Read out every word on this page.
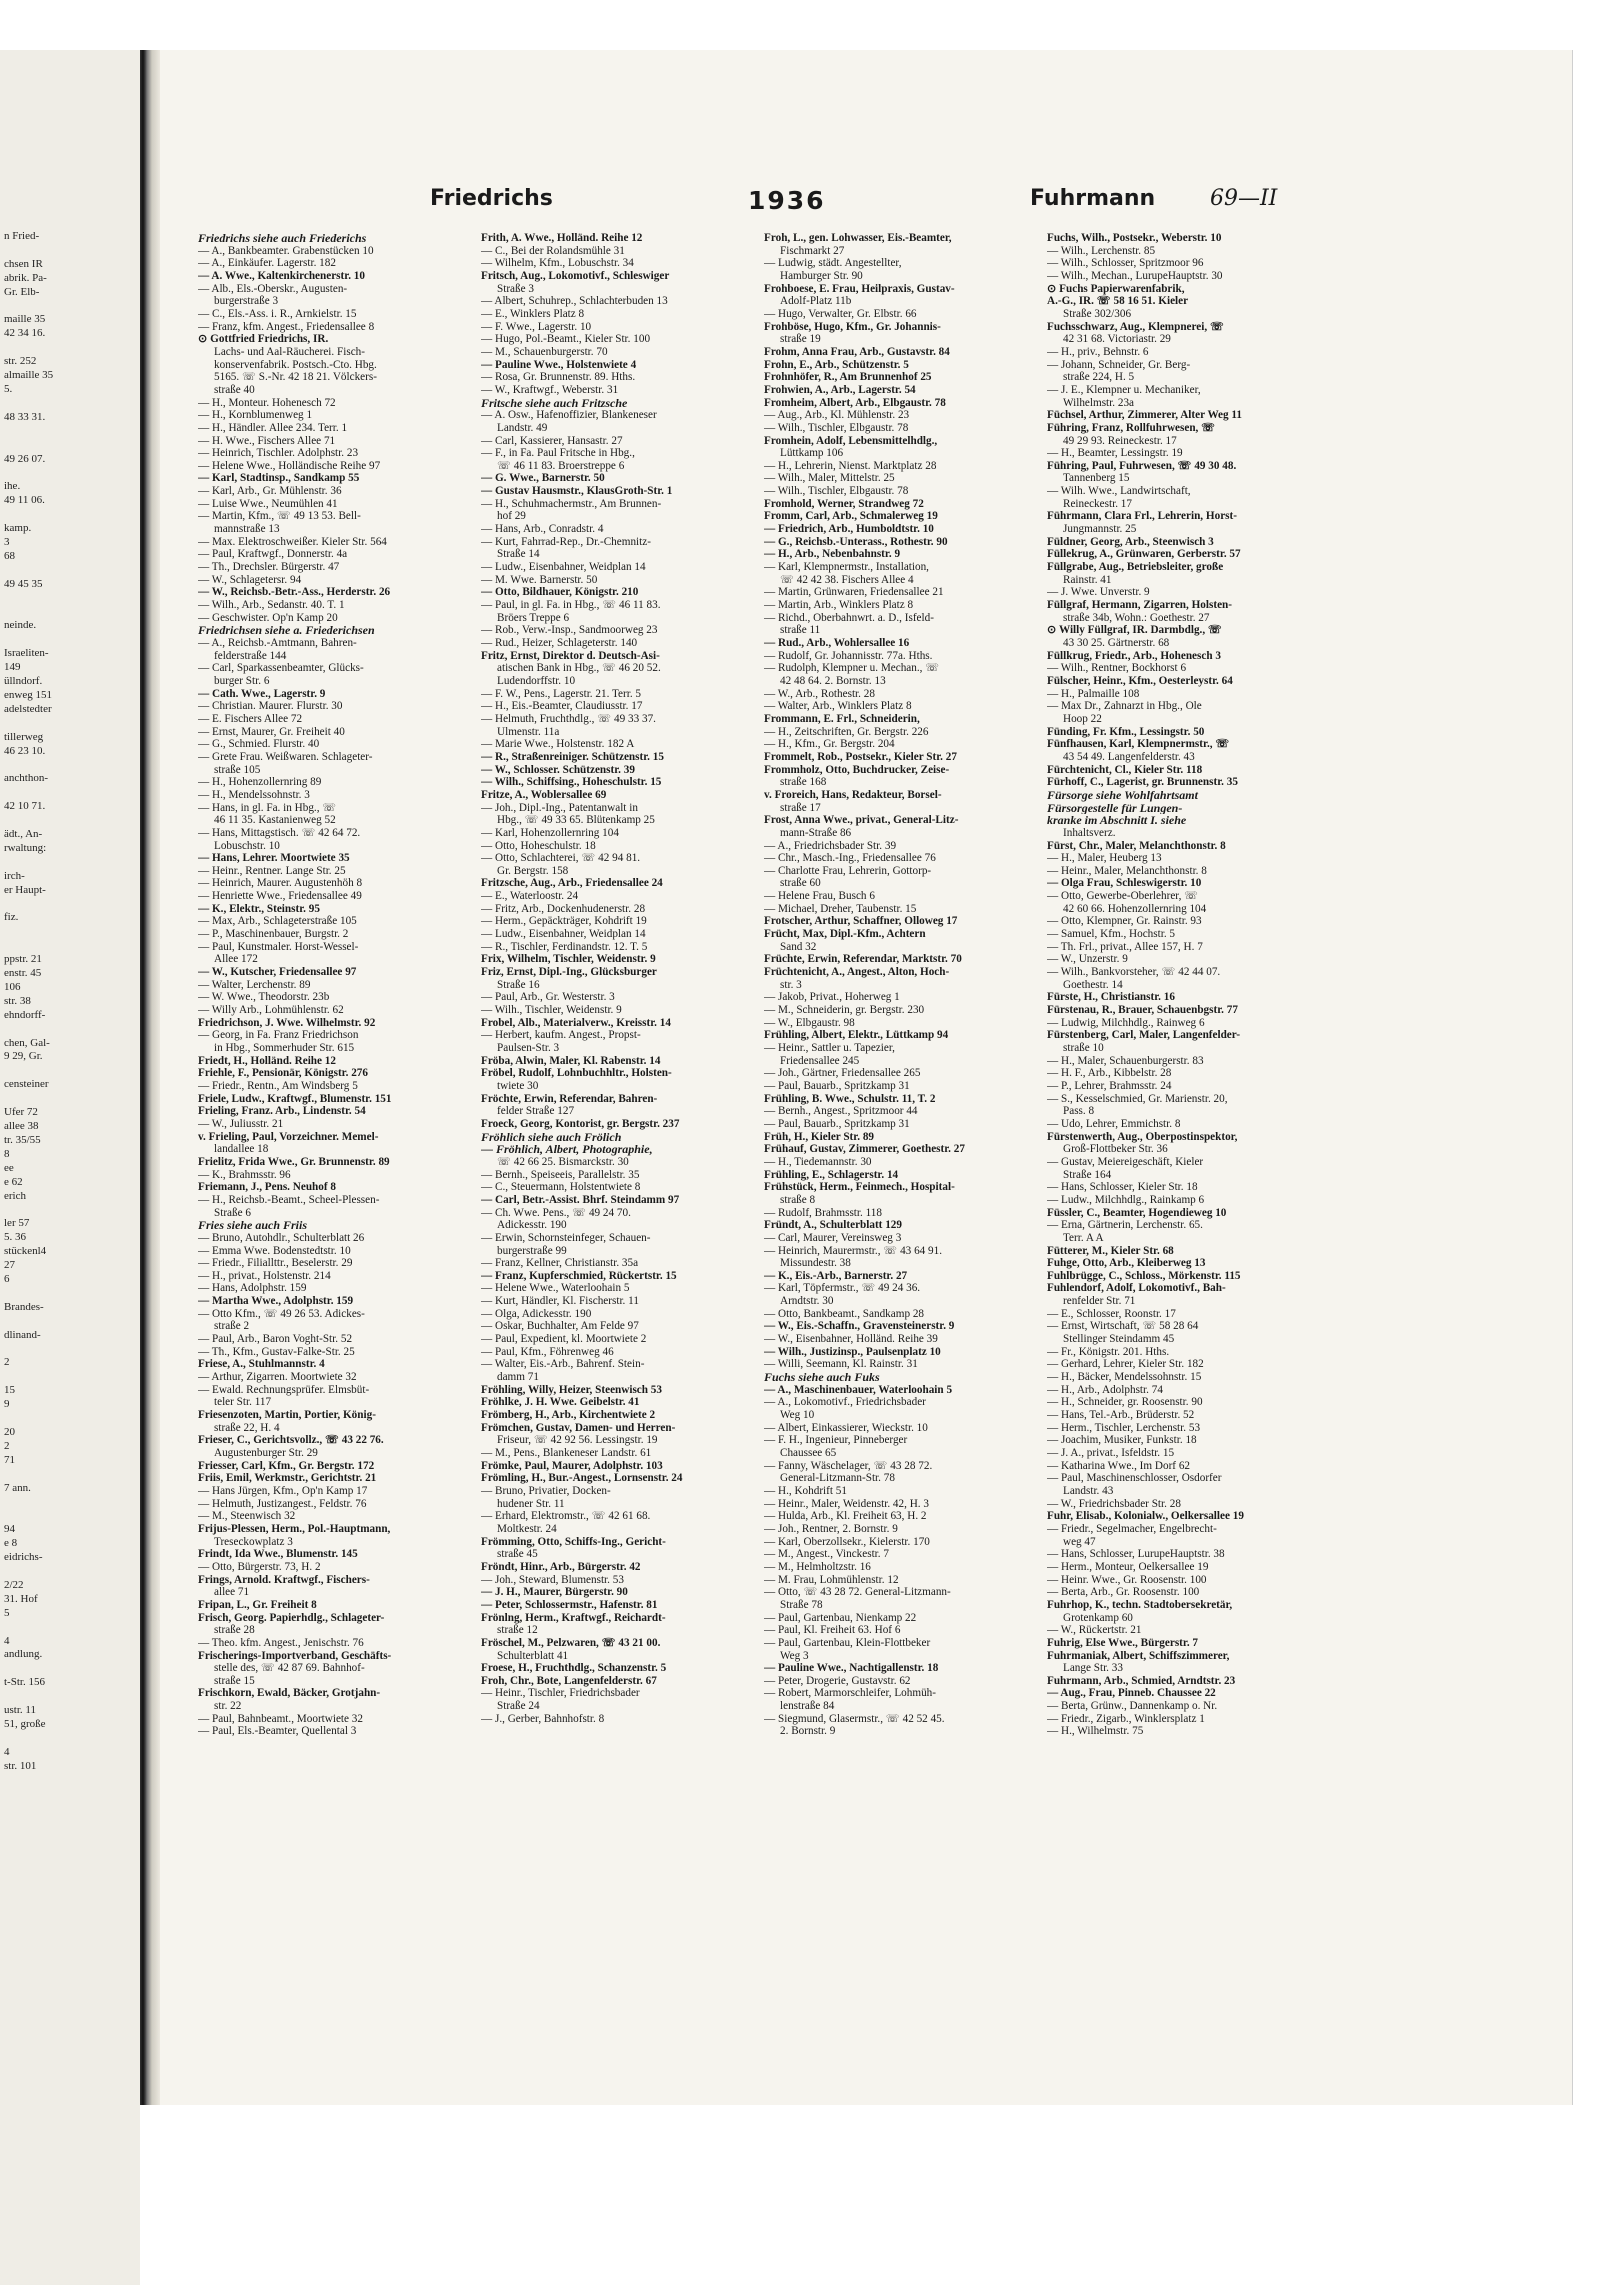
n Fried-

chsen IR
abrik. Pa-
Gr. Elb-

maille 35
42 34 16.

str. 252
almaille 35
5.

48 33 31.

49 26 07.

ihe.
49 11 06.

kamp.
3
68

49 45 35

neinde.

Israeliten-
149
üllndorf.
enweg 151
adelstedter

tillerweg
46 23 10.

anchthon-

42 10 71.

ädt., An-
rwaltung:

irch-
er Haupt-

fiz.

ppstr. 21
enstr. 45
106
str. 38
ehndorff-

chen, Gal-
9 29, Gr.

censteiner

Ufer 72
allee 38
tr. 35/55
8
ee
e 62
erich

ler 57
5. 36
stückenl4
27
6

Brandes-

dlinand-

2

15
9

20
2
71

7 ann.

94
e 8
eidrichs-

2/22
31. Hof
5

4
andlung.

t-Str. 156

ustr. 11
51, große

4
str. 101
Friedrichs	1936	Fuhrmann 69—II
Friedrichs siehe auch Friederichs
— A., Bankbeamter. Grabenstücken 10
— A., Einkäufer. Lagerstr. 182
— A. Wwe., Kaltenkirchenerstr. 10
— Alb., Els.-Oberskr., Augusten-
burgerstraße 3
— C., Els.-Ass. i. R., Arnkielstr. 15
— Franz, kfm. Angest., Friedensallee 8
⊙ Gottfried Friedrichs, IR.
Lachs- und Aal-Räucherei. Fisch-
konservenfabrik. Postsch.-Cto. Hbg.
5165. ☏ S.-Nr. 42 18 21. Völckers-
straße 40
— H., Monteur. Hohenesch 72
— H., Kornblumenweg 1
— H., Händler. Allee 234. Terr. 1
— H. Wwe., Fischers Allee 71
— Heinrich, Tischler. Adolphstr. 23
— Helene Wwe., Holländische Reihe 97
— Karl, Stadtinsp., Sandkamp 55
— Karl, Arb., Gr. Mühlenstr. 36
— Luise Wwe., Neumühlen 41
— Martin, Kfm., ☏ 49 13 53. Bell-
mannstraße 13
— Max. Elektroschweißer. Kieler Str. 564
— Paul, Kraftwgf., Donnerstr. 4a
— Th., Drechsler. Bürgerstr. 47
— W., Schlagetersr. 94
— W., Reichsb.-Betr.-Ass., Herderstr. 26
— Wilh., Arb., Sedanstr. 40. T. 1
— Geschwister. Op'n Kamp 20
Friedrichsen siehe a. Friederichsen
— A., Reichsb.-Amtmann, Bahren-
felderstraße 144
— Carl, Sparkassenbeamter, Glücks-
burger Str. 6
— Cath. Wwe., Lagerstr. 9
— Christian. Maurer. Flurstr. 30
— E. Fischers Allee 72
— Ernst, Maurer, Gr. Freiheit 40
— G., Schmied. Flurstr. 40
— Grete Frau. Weißwaren. Schlageter-
straße 105
— H., Hohenzollernring 89
— H., Mendelssohnstr. 3
— Hans, in gl. Fa. in Hbg., ☏
46 11 35. Kastanienweg 52
— Hans, Mittagstisch. ☏ 42 64 72.
Lobuschstr. 10
— Hans, Lehrer. Moortwiete 35
— Heinr., Rentner. Lange Str. 25
— Heinrich, Maurer. Augustenhöh 8
— Henriette Wwe., Friedensallee 49
— K., Elektr., Steinstr. 95
— Max, Arb., Schlageterstraße 105
— P., Maschinenbauer, Burgstr. 2
— Paul, Kunstmaler. Horst-Wessel-
Allee 172
— W., Kutscher, Friedensallee 97
— Walter, Lerchenstr. 89
— W. Wwe., Theodorstr. 23b
— Willy Arb., Lohmühlenstr. 62
Friedrichson, J. Wwe. Wilhelmstr. 92
— Georg, in Fa. Franz Friedrichson
in Hbg., Sommerhuder Str. 615
Friedt, H., Holländ. Reihe 12
Friehle, F., Pensionär, Königstr. 276
— Friedr., Rentn., Am Windsberg 5
Friele, Ludw., Kraftwgf., Blumenstr. 151
Frieling, Franz. Arb., Lindenstr. 54
— W., Juliusstr. 21
v. Frieling, Paul, Vorzeichner. Memel-
landallee 18
Frielitz, Frida Wwe., Gr. Brunnenstr. 89
— K., Brahmsstr. 96
Friemann, J., Pens. Neuhof 8
— H., Reichsb.-Beamt., Scheel-Plessen-
Straße 6
Fries siehe auch Friis
— Bruno, Autohdlr., Schulterblatt 26
— Emma Wwe. Bodenstedtstr. 10
— Friedr., Filiallttr., Beselerstr. 29
— H., privat., Holstenstr. 214
— Hans, Adolphstr. 159
— Martha Wwe., Adolphstr. 159
— Otto Kfm., ☏ 49 26 53. Adickes-
straße 2
— Paul, Arb., Baron Voght-Str. 52
— Th., Kfm., Gustav-Falke-Str. 25
Friese, A., Stuhlmannstr. 4
— Arthur, Zigarren. Moortwiete 32
— Ewald. Rechnungsprüfer. Elmsbüt-
teler Str. 117
Friesenzoten, Martin, Portier, König-
straße 22, H. 4
Frieser, C., Gerichtsvollz., ☏ 43 22 76.
Augustenburger Str. 29
Friesser, Carl, Kfm., Gr. Bergstr. 172
Friis, Emil, Werkmstr., Gerichtstr. 21
— Hans Jürgen, Kfm., Op'n Kamp 17
— Helmuth, Justizangest., Feldstr. 76
— M., Steenwisch 32
Frijus-Plessen, Herm., Pol.-Hauptmann,
Treseckowplatz 3
Frindt, Ida Wwe., Blumenstr. 145
— Otto, Bürgerstr. 73, H. 2
Frings, Arnold. Kraftwgf., Fischers-
allee 71
Fripan, L., Gr. Freiheit 8
Frisch, Georg. Papierhdlg., Schlageter-
straße 28
— Theo. kfm. Angest., Jenischstr. 76
Frischerings-Importverband, Geschäfts-
stelle des, ☏ 42 87 69. Bahnhof-
straße 15
Frischkorn, Ewald, Bäcker, Grotjahn-
str. 22
— Paul, Bahnbeamt., Moortwiete 32
— Paul, Els.-Beamter, Quellental 3
Frith, A. Wwe., Holländ. Reihe 12
— C., Bei der Rolandsmühle 31
— Wilhelm, Kfm., Lobuschstr. 34
Fritsch, Aug., Lokomotivf., Schleswiger
Straße 3
— Albert, Schuhrep., Schlachterbuden 13
— E., Winklers Platz 8
— F. Wwe., Lagerstr. 10
— Hugo, Pol.-Beamt., Kieler Str. 100
— M., Schauenburgerstr. 70
— Pauline Wwe., Holstenwiete 4
— Rosa, Gr. Brunnenstr. 89. Hths.
— W., Kraftwgf., Weberstr. 31
Fritsche siehe auch Fritzsche
— A. Osw., Hafenoffizier, Blankeneser
Landstr. 49
— Carl, Kassierer, Hansastr. 27
— F., in Fa. Paul Fritsche in Hbg.,
☏ 46 11 83. Broerstreppe 6
— G. Wwe., Barnerstr. 50
— Gustav Hausmstr., KlausGroth-Str. 1
— H., Schuhmachermstr., Am Brunnen-
hof 29
— Hans, Arb., Conradstr. 4
— Kurt, Fahrrad-Rep., Dr.-Chemnitz-
Straße 14
— Ludw., Eisenbahner, Weidplan 14
— M. Wwe. Barnerstr. 50
— Otto, Bildhauer, Königstr. 210
— Paul, in gl. Fa. in Hbg., ☏ 46 11 83.
Bröers Treppe 6
— Rob., Verw.-Insp., Sandmoorweg 23
— Rud., Heizer, Schlageterstr. 140
Fritz, Ernst, Direktor d. Deutsch-Asi-
atischen Bank in Hbg., ☏ 46 20 52.
Ludendorffstr. 10
— F. W., Pens., Lagerstr. 21. Terr. 5
— H., Eis.-Beamter, Claudiusstr. 17
— Helmuth, Fruchthdlg., ☏ 49 33 37.
Ulmenstr. 11a
— Marie Wwe., Holstenstr. 182 A
— R., Straßenreiniger. Schützenstr. 15
— W., Schlosser. Schützenstr. 39
— Wilh., Schiffsing., Hoheschulstr. 15
Fritze, A., Woblersallee 69
— Joh., Dipl.-Ing., Patentanwalt in
Hbg., ☏ 49 33 65. Blütenkamp 25
— Karl, Hohenzollernring 104
— Otto, Hoheschulstr. 18
— Otto, Schlachterei, ☏ 42 94 81.
Gr. Bergstr. 158
Fritzsche, Aug., Arb., Friedensallee 24
— E., Waterloostr. 24
— Fritz, Arb., Dockenhudenerstr. 28
— Herm., Gepäckträger, Kohdrift 19
— Ludw., Eisenbahner, Weidplan 14
— R., Tischler, Ferdinandstr. 12. T. 5
Frix, Wilhelm, Tischler, Weidenstr. 9
Friz, Ernst, Dipl.-Ing., Glücksburger
Straße 16
— Paul, Arb., Gr. Westerstr. 3
— Wilh., Tischler, Weidenstr. 9
Frobel, Alb., Materialverw., Kreisstr. 14
— Herbert, kaufm. Angest., Propst-
Paulsen-Str. 3
Fröba, Alwin, Maler, Kl. Rabenstr. 14
Fröbel, Rudolf, Lohnbuchhltr., Holsten-
twiete 30
Fröchte, Erwin, Referendar, Bahren-
felder Straße 127
Froeck, Georg, Kontorist, gr. Bergstr. 237
Fröhlich siehe auch Frölich
— Fröhlich, Albert, Photographie,
☏ 42 66 25. Bismarckstr. 30
— Bernh., Speiseeis, Parallelstr. 35
— C., Steuermann, Holstentwiete 8
— Carl, Betr.-Assist. Bhrf. Steindamm 97
— Ch. Wwe. Pens., ☏ 49 24 70.
Adickesstr. 190
— Erwin, Schornsteinfeger, Schauen-
burgerstraße 99
— Franz, Kellner, Christianstr. 35a
— Franz, Kupferschmied, Rückertstr. 15
— Helene Wwe., Waterloohain 5
— Kurt, Händler, Kl. Fischerstr. 11
— Olga, Adickesstr. 190
— Oskar, Buchhalter, Am Felde 97
— Paul, Expedient, kl. Moortwiete 2
— Paul, Kfm., Föhrenweg 46
— Walter, Eis.-Arb., Bahrenf. Stein-
damm 71
Fröhling, Willy, Heizer, Steenwisch 53
Fröhlke, J. H. Wwe. Geibelstr. 41
Frömberg, H., Arb., Kirchentwiete 2
Frömchen, Gustav, Damen- und Herren-
Friseur, ☏ 42 92 56. Lessingstr. 19
— M., Pens., Blankeneser Landstr. 61
Frömke, Paul, Maurer, Adolphstr. 103
Frömling, H., Bur.-Angest., Lornsenstr. 24
— Bruno, Privatier, Docken-
hudener Str. 11
— Erhard, Elektromstr., ☏ 42 61 68.
Moltkestr. 24
Frömming, Otto, Schiffs-Ing., Gericht-
straße 45
Fröndt, Hinr., Arb., Bürgerstr. 42
— Joh., Steward, Blumenstr. 53
— J. H., Maurer, Bürgerstr. 90
— Peter, Schlossermstr., Hafenstr. 81
Frönlng, Herm., Kraftwgf., Reichardt-
straße 12
Fröschel, M., Pelzwaren, ☏ 43 21 00.
Schulterblatt 41
Froese, H., Fruchthdlg., Schanzenstr. 5
Froh, Chr., Bote, Langenfelderstr. 67
— Heinr., Tischler, Friedrichsbader
Straße 24
— J., Gerber, Bahnhofstr. 8
Froh, L., gen. Lohwasser, Eis.-Beamter,
Fischmarkt 27
— Ludwig, städt. Angestellter,
Hamburger Str. 90
Frohboese, E. Frau, Heilpraxis, Gustav-
Adolf-Platz 11b
— Hugo, Verwalter, Gr. Elbstr. 66
Frohböse, Hugo, Kfm., Gr. Johannis-
straße 19
Frohm, Anna Frau, Arb., Gustavstr. 84
Frohn, E., Arb., Schützenstr. 5
Frohnhöfer, R., Am Brunnenhof 25
Frohwien, A., Arb., Lagerstr. 54
Fromheim, Albert, Arb., Elbgaustr. 78
— Aug., Arb., Kl. Mühlenstr. 23
— Wilh., Tischler, Elbgaustr. 78
Fromhein, Adolf, Lebensmittelhdlg.,
Lüttkamp 106
— H., Lehrerin, Nienst. Marktplatz 28
— Wilh., Maler, Mittelstr. 25
— Wilh., Tischler, Elbgaustr. 78
Fromhold, Werner, Strandweg 72
Fromm, Carl, Arb., Schmalerweg 19
— Friedrich, Arb., Humboldtstr. 10
— G., Reichsb.-Unterass., Rothestr. 90
— H., Arb., Nebenbahnstr. 9
— Karl, Klempnermstr., Installation,
☏ 42 42 38. Fischers Allee 4
— Martin, Grünwaren, Friedensallee 21
— Martin, Arb., Winklers Platz 8
— Richd., Oberbahnwrt. a. D., Isfeld-
straße 11
— Rud., Arb., Wohlersallee 16
— Rudolf, Gr. Johannisstr. 77a. Hths.
— Rudolph, Klempner u. Mechan., ☏
42 48 64. 2. Bornstr. 13
— W., Arb., Rothestr. 28
— Walter, Arb., Winklers Platz 8
Frommann, E. Frl., Schneiderin,
— H., Zeitschriften, Gr. Bergstr. 226
— H., Kfm., Gr. Bergstr. 204
Frommelt, Rob., Postsekr., Kieler Str. 27
Frommholz, Otto, Buchdrucker, Zeise-
straße 168
v. Froreich, Hans, Redakteur, Borsel-
straße 17
Frost, Anna Wwe., privat., General-Litz-
mann-Straße 86
— A., Friedrichsbader Str. 39
— Chr., Masch.-Ing., Friedensallee 76
— Charlotte Frau, Lehrerin, Gottorp-
straße 60
— Helene Frau, Busch 6
— Michael, Dreher, Taubenstr. 15
Frotscher, Arthur, Schaffner, Olloweg 17
Frücht, Max, Dipl.-Kfm., Achtern
Sand 32
Früchte, Erwin, Referendar, Marktstr. 70
Früchtenicht, A., Angest., Alton, Hoch-
str. 3
— Jakob, Privat., Hoherweg 1
— M., Schneiderin, gr. Bergstr. 230
— W., Elbgaustr. 98
Frühling, Albert, Elektr., Lüttkamp 94
— Heinr., Sattler u. Tapezier,
Friedensallee 245
— Joh., Gärtner, Friedensallee 265
— Paul, Bauarb., Spritzkamp 31
Frühling, B. Wwe., Schulstr. 11, T. 2
— Bernh., Angest., Spritzmoor 44
— Paul, Bauarb., Spritzkamp 31
Früh, H., Kieler Str. 89
Frühauf, Gustav, Zimmerer, Goethestr. 27
— H., Tiedemannstr. 30
Frühling, E., Schlagerstr. 14
Frühstück, Herm., Feinmech., Hospital-
straße 8
— Rudolf, Brahmsstr. 118
Fründt, A., Schulterblatt 129
— Carl, Maurer, Vereinsweg 3
— Heinrich, Maurermstr., ☏ 43 64 91.
Missundestr. 38
— K., Eis.-Arb., Barnerstr. 27
— Karl, Töpfermstr., ☏ 49 24 36.
Arndtstr. 30
— Otto, Bankbeamt., Sandkamp 28
— W., Eis.-Schaffn., Gravensteinerstr. 9
— W., Eisenbahner, Holländ. Reihe 39
— Wilh., Justizinsp., Paulsenplatz 10
— Willi, Seemann, Kl. Rainstr. 31
Fuchs siehe auch Fuks
— A., Maschinenbauer, Waterloohain 5
— A., Lokomotivf., Friedrichsbader
Weg 10
— Albert, Einkassierer, Wieckstr. 10
— F. H., Ingenieur, Pinneberger
Chaussee 65
— Fanny, Wäschelager, ☏ 43 28 72.
General-Litzmann-Str. 78
— H., Kohdrift 51
— Heinr., Maler, Weidenstr. 42, H. 3
— Hulda, Arb., Kl. Freiheit 63, H. 2
— Joh., Rentner, 2. Bornstr. 9
— Karl, Oberzollsekr., Kielerstr. 170
— M., Angest., Vinckestr. 7
— M., Helmholtzstr. 16
— M. Frau, Lohmühlenstr. 12
— Otto, ☏ 43 28 72. General-Litzmann-
Straße 78
— Paul, Gartenbau, Nienkamp 22
— Paul, Kl. Freiheit 63. Hof 6
— Paul, Gartenbau, Klein-Flottbeker
Weg 3
— Pauline Wwe., Nachtigallenstr. 18
— Peter, Drogerie, Gustavstr. 62
— Robert, Marmorschleifer, Lohmüh-
lenstraße 84
— Siegmund, Glasermstr., ☏ 42 52 45.
2. Bornstr. 9
Fuchs, Wilh., Postsekr., Weberstr. 10
— Wilh., Lerchenstr. 85
— Wilh., Schlosser, Spritzmoor 96
— Wilh., Mechan., LurupeHauptstr. 30
⊙ Fuchs Papierwarenfabrik,
A.-G., IR. ☏ 58 16 51. Kieler
Straße 302/306
Fuchsschwarz, Aug., Klempnerei, ☏
42 31 68. Victoriastr. 29
— H., priv., Behnstr. 6
— Johann, Schneider, Gr. Berg-
straße 224, H. 5
— J. E., Klempner u. Mechaniker,
Wilhelmstr. 23a
Füchsel, Arthur, Zimmerer, Alter Weg 11
Führing, Franz, Rollfuhrwesen, ☏
49 29 93. Reineckestr. 17
— H., Beamter, Lessingstr. 19
Führing, Paul, Fuhrwesen, ☏ 49 30 48.
Tannenberg 15
— Wilh. Wwe., Landwirtschaft,
Reineckestr. 17
Führmann, Clara Frl., Lehrerin, Horst-
Jungmannstr. 25
Füldner, Georg, Arb., Steenwisch 3
Füllekrug, A., Grünwaren, Gerberstr. 57
Füllgrabe, Aug., Betriebsleiter, große
Rainstr. 41
— J. Wwe. Unverstr. 9
Füllgraf, Hermann, Zigarren, Holsten-
straße 34b, Wohn.: Goethestr. 27
⊙ Willy Füllgraf, IR. Darmbdlg., ☏
43 30 25. Gärtnerstr. 68
Füllkrug, Friedr., Arb., Hohenesch 3
— Wilh., Rentner, Bockhorst 6
Fülscher, Heinr., Kfm., Oesterleystr. 64
— H., Palmaille 108
— Max Dr., Zahnarzt in Hbg., Ole
Hoop 22
Fünding, Fr. Kfm., Lessingstr. 50
Fünfhausen, Karl, Klempnermstr., ☏
43 54 49. Langenfelderstr. 43
Fürchtenicht, Cl., Kieler Str. 118
Fürhoff, C., Lagerist, gr. Brunnenstr. 35
Fürsorge siehe Wohlfahrtsamt
Fürsorgestelle für Lungen-
kranke im Abschnitt I. siehe
Inhaltsverz.
Fürst, Chr., Maler, Melanchthonstr. 8
— H., Maler, Heuberg 13
— Heinr., Maler, Melanchthonstr. 8
— Olga Frau, Schleswigerstr. 10
— Otto, Gewerbe-Oberlehrer, ☏
42 60 66. Hohenzollernring 104
— Otto, Klempner, Gr. Rainstr. 93
— Samuel, Kfm., Hochstr. 5
— Th. Frl., privat., Allee 157, H. 7
— W., Unzerstr. 9
— Wilh., Bankvorsteher, ☏ 42 44 07.
Goethestr. 14
Fürste, H., Christianstr. 16
Fürstenau, R., Brauer, Schauenbgstr. 77
— Ludwig, Milchhdlg., Rainweg 6
Fürstenberg, Carl, Maler, Langenfelder-
straße 10
— H., Maler, Schauenburgerstr. 83
— H. F., Arb., Kibbelstr. 28
— P., Lehrer, Brahmsstr. 24
— S., Kesselschmied, Gr. Marienstr. 20,
Pass. 8
— Udo, Lehrer, Emmichstr. 8
Fürstenwerth, Aug., Oberpostinspektor,
Groß-Flottbeker Str. 36
— Gustav, Meiereigeschäft, Kieler
Straße 164
— Hans, Schlosser, Kieler Str. 18
— Ludw., Milchhdlg., Rainkamp 6
Füssler, C., Beamter, Hogendieweg 10
— Erna, Gärtnerin, Lerchenstr. 65.
Terr. A A
Fütterer, M., Kieler Str. 68
Fuhge, Otto, Arb., Kleiberweg 13
Fuhlbrügge, C., Schloss., Mörkenstr. 115
Fuhlendorf, Adolf, Lokomotivf., Bah-
renfelder Str. 71
— E., Schlosser, Roonstr. 17
— Ernst, Wirtschaft, ☏ 58 28 64
Stellinger Steindamm 45
— Fr., Königstr. 201. Hths.
— Gerhard, Lehrer, Kieler Str. 182
— H., Bäcker, Mendelssohnstr. 15
— H., Arb., Adolphstr. 74
— H., Schneider, gr. Roosenstr. 90
— Hans, Tel.-Arb., Brüderstr. 52
— Herm., Tischler, Lerchenstr. 53
— Joachim, Musiker, Funkstr. 18
— J. A., privat., Isfeldstr. 15
— Katharina Wwe., Im Dorf 62
— Paul, Maschinenschlosser, Osdorfer
Landstr. 43
— W., Friedrichsbader Str. 28
Fuhr, Elisab., Kolonialw., Oelkersallee 19
— Friedr., Segelmacher, Engelbrecht-
weg 47
— Hans, Schlosser, LurupeHauptstr. 38
— Herm., Monteur, Oelkersallee 19
— Heinr. Wwe., Gr. Roosenstr. 100
— Berta, Arb., Gr. Roosenstr. 100
Fuhrhop, K., techn. Stadtobersekretär,
Grotenkamp 60
— W., Rückertstr. 21
Fuhrig, Else Wwe., Bürgerstr. 7
Fuhrmaniak, Albert, Schiffszimmerer,
Lange Str. 33
Fuhrmann, Arb., Schmied, Arndtstr. 23
— Aug., Frau, Pinneb. Chaussee 22
— Berta, Grünw., Dannenkamp o. Nr.
— Friedr., Zigarb., Winklersplatz 1
— H., Wilhelmstr. 75
